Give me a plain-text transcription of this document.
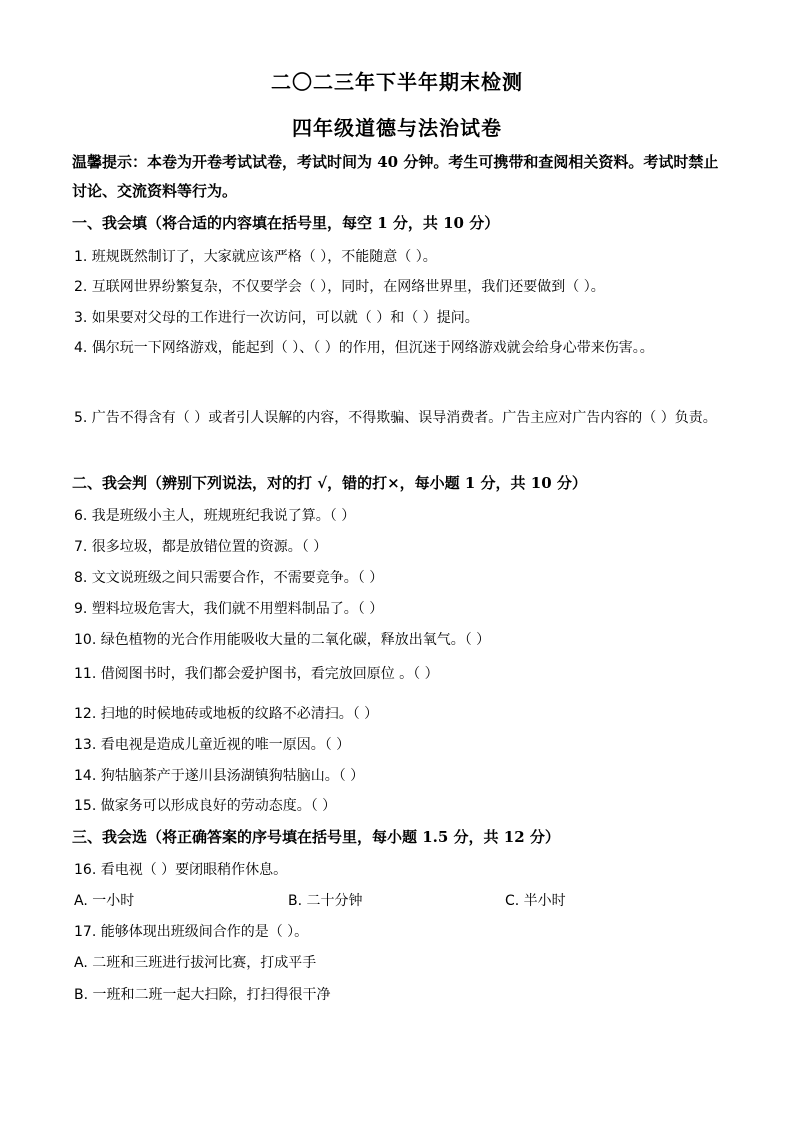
二〇二三年下半年期末检测
四年级道德与法治试卷
温馨提示：本卷为开卷考试试卷，考试时间为 40 分钟。考生可携带和查阅相关资料。考试时禁止讨论、交流资料等行为。
一、我会填（将合适的内容填在括号里，每空 1 分，共 10 分）
1. 班规既然制订了，大家就应该严格（ ），不能随意（ ）。
2. 互联网世界纷繁复杂，不仅要学会（ ），同时，在网络世界里，我们还要做到（ ）。
3. 如果要对父母的工作进行一次访问，可以就（ ）和（ ）提问。
4. 偶尔玩一下网络游戏，能起到（ ）、（ ）的作用，但沉迷于网络游戏就会给身心带来伤害。。
5. 广告不得含有（ ）或者引人误解的内容，不得欺骗、误导消费者。广告主应对广告内容的（ ）负责。
二、我会判（辨别下列说法，对的打 √，错的打×，每小题 1 分，共 10 分）
6. 我是班级小主人，班规班纪我说了算。（ ）
7. 很多垃圾，都是放错位置的资源。（ ）
8. 文文说班级之间只需要合作，不需要竞争。（ ）
9. 塑料垃圾危害大，我们就不用塑料制品了。（ ）
10. 绿色植物的光合作用能吸收大量的二氧化碳，释放出氧气。（ ）
11. 借阅图书时，我们都会爱护图书，看完放回原位 。（ ）
12. 扫地的时候地砖或地板的纹路不必清扫。（ ）
13. 看电视是造成儿童近视的唯一原因。（ ）
14. 狗牯脑茶产于遂川县汤湖镇狗牯脑山。（ ）
15. 做家务可以形成良好的劳动态度。（ ）
三、我会选（将正确答案的序号填在括号里，每小题 1.5 分，共 12 分）
16. 看电视（ ）要闭眼稍作休息。
A. 一小时	B. 二十分钟	C. 半小时
17. 能够体现出班级间合作的是（ ）。
A. 二班和三班进行拔河比赛，打成平手
B. 一班和二班一起大扫除，打扫得很干净
